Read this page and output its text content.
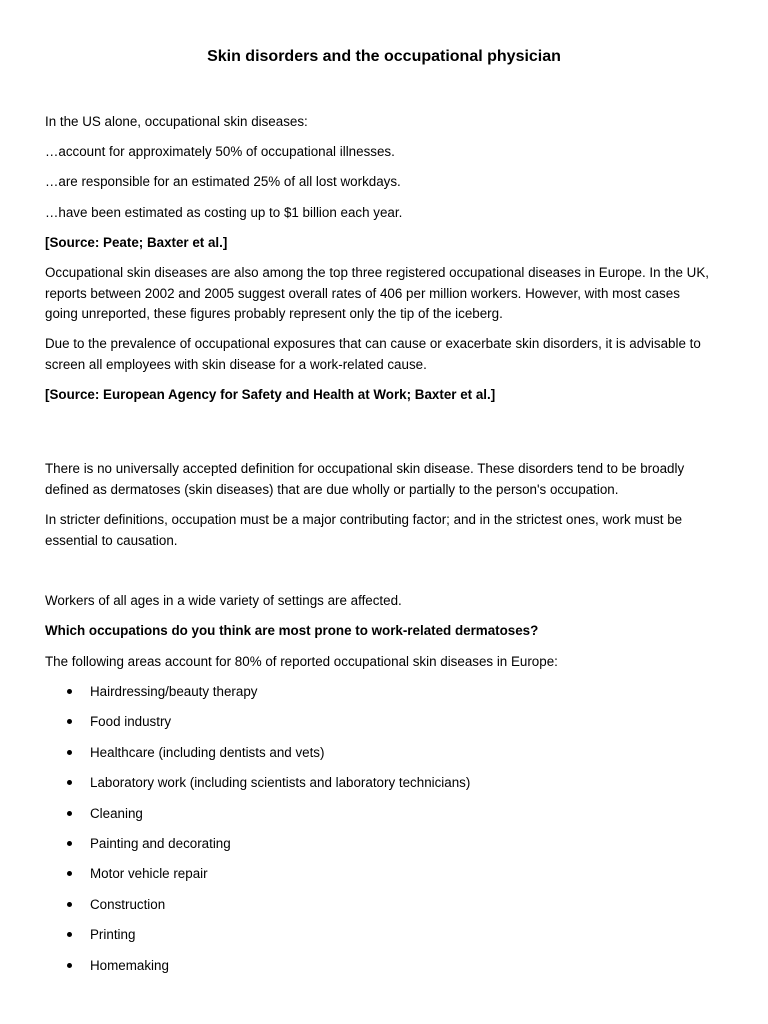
Skin disorders and the occupational physician

In the US alone, occupational skin diseases:

…account for approximately 50% of occupational illnesses.

…are responsible for an estimated 25% of all lost workdays.

…have been estimated as costing up to $1 billion each year.

[Source: Peate; Baxter et al.]

Occupational skin diseases are also among the top three registered occupational diseases in Europe. In the UK, reports between 2002 and 2005 suggest overall rates of 406 per million workers. However, with most cases going unreported, these figures probably represent only the tip of the iceberg.

Due to the prevalence of occupational exposures that can cause or exacerbate skin disorders, it is advisable to screen all employees with skin disease for a work-related cause.

[Source: European Agency for Safety and Health at Work; Baxter et al.]

There is no universally accepted definition for occupational skin disease. These disorders tend to be broadly defined as dermatoses (skin diseases) that are due wholly or partially to the person's occupation.

In stricter definitions, occupation must be a major contributing factor; and in the strictest ones, work must be essential to causation.

Workers of all ages in a wide variety of settings are affected.

Which occupations do you think are most prone to work-related dermatoses?

The following areas account for 80% of reported occupational skin diseases in Europe:

Hairdressing/beauty therapy
Food industry
Healthcare (including dentists and vets)
Laboratory work (including scientists and laboratory technicians)
Cleaning
Painting and decorating
Motor vehicle repair
Construction
Printing
Homemaking
